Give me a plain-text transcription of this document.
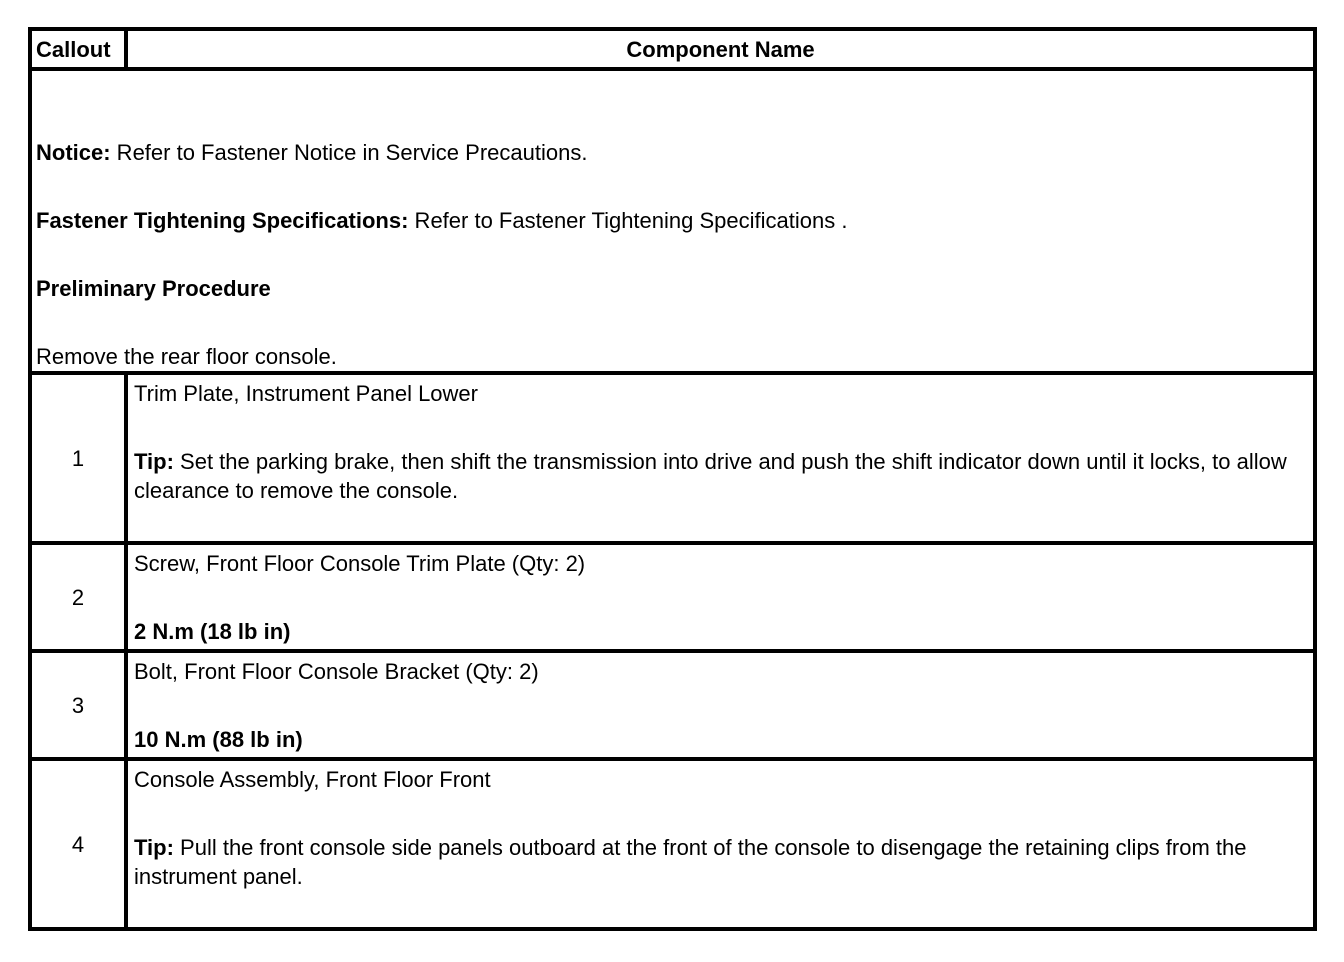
Callout	Component Name

Notice: Refer to Fastener Notice in Service Precautions.

Fastener Tightening Specifications: Refer to Fastener Tightening Specifications .

Preliminary Procedure

Remove the rear floor console.	

1	Trim Plate, Instrument Panel Lower

Tip: Set the parking brake, then shift the transmission into drive and push the shift indicator down until it locks, to allow clearance to remove the console.

2	Screw, Front Floor Console Trim Plate (Qty: 2)

2 N.m (18 lb in)

3	Bolt, Front Floor Console Bracket (Qty: 2)

10 N.m (88 lb in)

4	Console Assembly, Front Floor Front

Tip: Pull the front console side panels outboard at the front of the console to disengage the retaining clips from the instrument panel.
